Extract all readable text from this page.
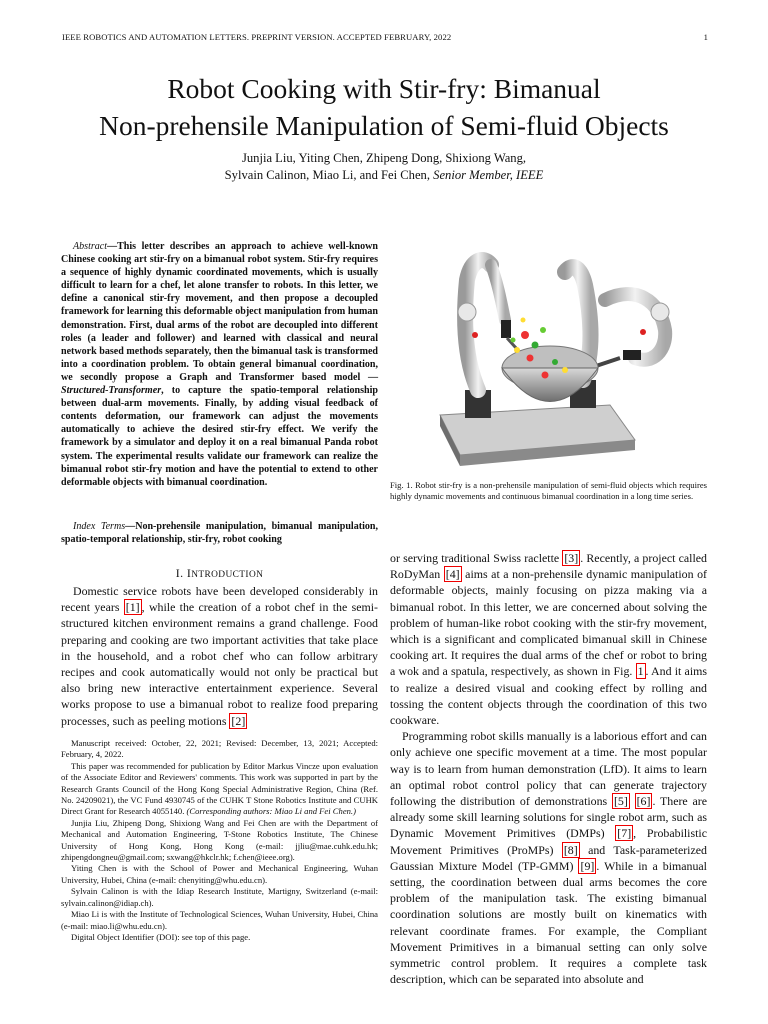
IEEE ROBOTICS AND AUTOMATION LETTERS. PREPRINT VERSION. ACCEPTED FEBRUARY, 2022	1
Robot Cooking with Stir-fry: Bimanual
Non-prehensile Manipulation of Semi-fluid Objects
Junjia Liu, Yiting Chen, Zhipeng Dong, Shixiong Wang,
Sylvain Calinon, Miao Li, and Fei Chen, Senior Member, IEEE

Abstract—This letter describes an approach to achieve well-known Chinese cooking art stir-fry on a bimanual robot system. Stir-fry requires a sequence of highly dynamic coordinated movements, which is usually difficult to learn for a chef, let alone transfer to robots. In this letter, we define a canonical stir-fry movement, and then propose a decoupled framework for learning this deformable object manipulation from human demonstration. First, dual arms of the robot are decoupled into different roles (a leader and follower) and learned with classical and neural network based methods separately, then the bimanual task is transformed into a coordination problem. To obtain general bimanual coordination, we secondly propose a Graph and Transformer based model — Structured-Transformer, to capture the spatio-temporal relationship between dual-arm movements. Finally, by adding visual feedback of contents deformation, our framework can adjust the movements automatically to achieve the desired stir-fry effect. We verify the framework by a simulator and deploy it on a real bimanual Panda robot system. The experimental results validate our framework can realize the bimanual robot stir-fry motion and have the potential to extend to other deformable objects with bimanual coordination.

Index Terms—Non-prehensile manipulation, bimanual manipulation, spatio-temporal relationship, stir-fry, robot cooking

I. INTRODUCTION

Domestic service robots have been developed considerably in recent years [1] , while the creation of a robot chef in the semi-structured kitchen environment remains a grand challenge. Food preparing and cooking are two important activities that take place in the household, and a robot chef who can follow arbitrary recipes and cook automatically would not only be practical but also bring new interactive entertainment experience. Several works propose to use a bimanual robot to realize food preparing processes, such as peeling motions [2]

Manuscript received: October, 22, 2021; Revised: December, 13, 2021; Accepted: February, 4, 2022.

This paper was recommended for publication by Editor Markus Vincze upon evaluation of the Associate Editor and Reviewers' comments. This work was supported in part by the Research Grants Council of the Hong Kong Special Administrative Region, China (Ref. No. 24209021), the VC Fund 4930745 of the CUHK T Stone Robotics Institute and CUHK Direct Grant for Research 4055140. (Corresponding authors: Miao Li and Fei Chen.)

Junjia Liu, Zhipeng Dong, Shixiong Wang and Fei Chen are with the Department of Mechanical and Automation Engineering, T-Stone Robotics Institute, The Chinese University of Hong Kong, Hong Kong (e-mail: jjliu@mae.cuhk.edu.hk; zhipengdongneu@gmail.com; sxwang@hkclr.hk; f.chen@ieee.org).

Yiting Chen is with the School of Power and Mechanical Engineering, Wuhan University, Hubei, China (e-mail: chenyiting@whu.edu.cn).

Sylvain Calinon is with the Idiap Research Institute, Martigny, Switzerland (e-mail: sylvain.calinon@idiap.ch).

Miao Li is with the Institute of Technological Sciences, Wuhan University, Hubei, China (e-mail: miao.li@whu.edu.cn).

Digital Object Identifier (DOI): see top of this page.

Fig. 1. Robot stir-fry is a non-prehensile manipulation of semi-fluid objects which requires highly dynamic movements and continuous bimanual coordination in a long time series.

or serving traditional Swiss raclette [3] . Recently, a project called RoDyMan [4] aims at a non-prehensile dynamic manipulation of deformable objects, mainly focusing on pizza making via a bimanual robot. In this letter, we are concerned about solving the problem of human-like robot cooking with the stir-fry movement, which is a significant and complicated bimanual skill in Chinese cooking art. It requires the dual arms of the chef or robot to bring a wok and a spatula, respectively, as shown in Fig. 1 . And it aims to realize a desired visual and cooking effect by rolling and tossing the content objects through the coordination of this two cookware.

Programming robot skills manually is a laborious effort and can only achieve one specific movement at a time. The most popular way is to learn from human demonstration (LfD). It aims to learn an optimal robot control policy that can generate trajectory following the distribution of demonstrations [5] [6] . There are already some skill learning solutions for single robot arm, such as Dynamic Movement Primitives (DMPs) [7] , Probabilistic Movement Primitives (ProMPs) [8] and Task-parameterized Gaussian Mixture Model (TP-GMM) [9] . While in a bimanual setting, the coordination between dual arms becomes the core problem of the manipulation task. The existing bimanual coordination solutions are mostly built on kinematics with relevant coordinate frames. For example, the Compliant Movement Primitives in a bimanual setting can only solve symmetric control problem. It requires a complete task description, which can be separated into absolute and
